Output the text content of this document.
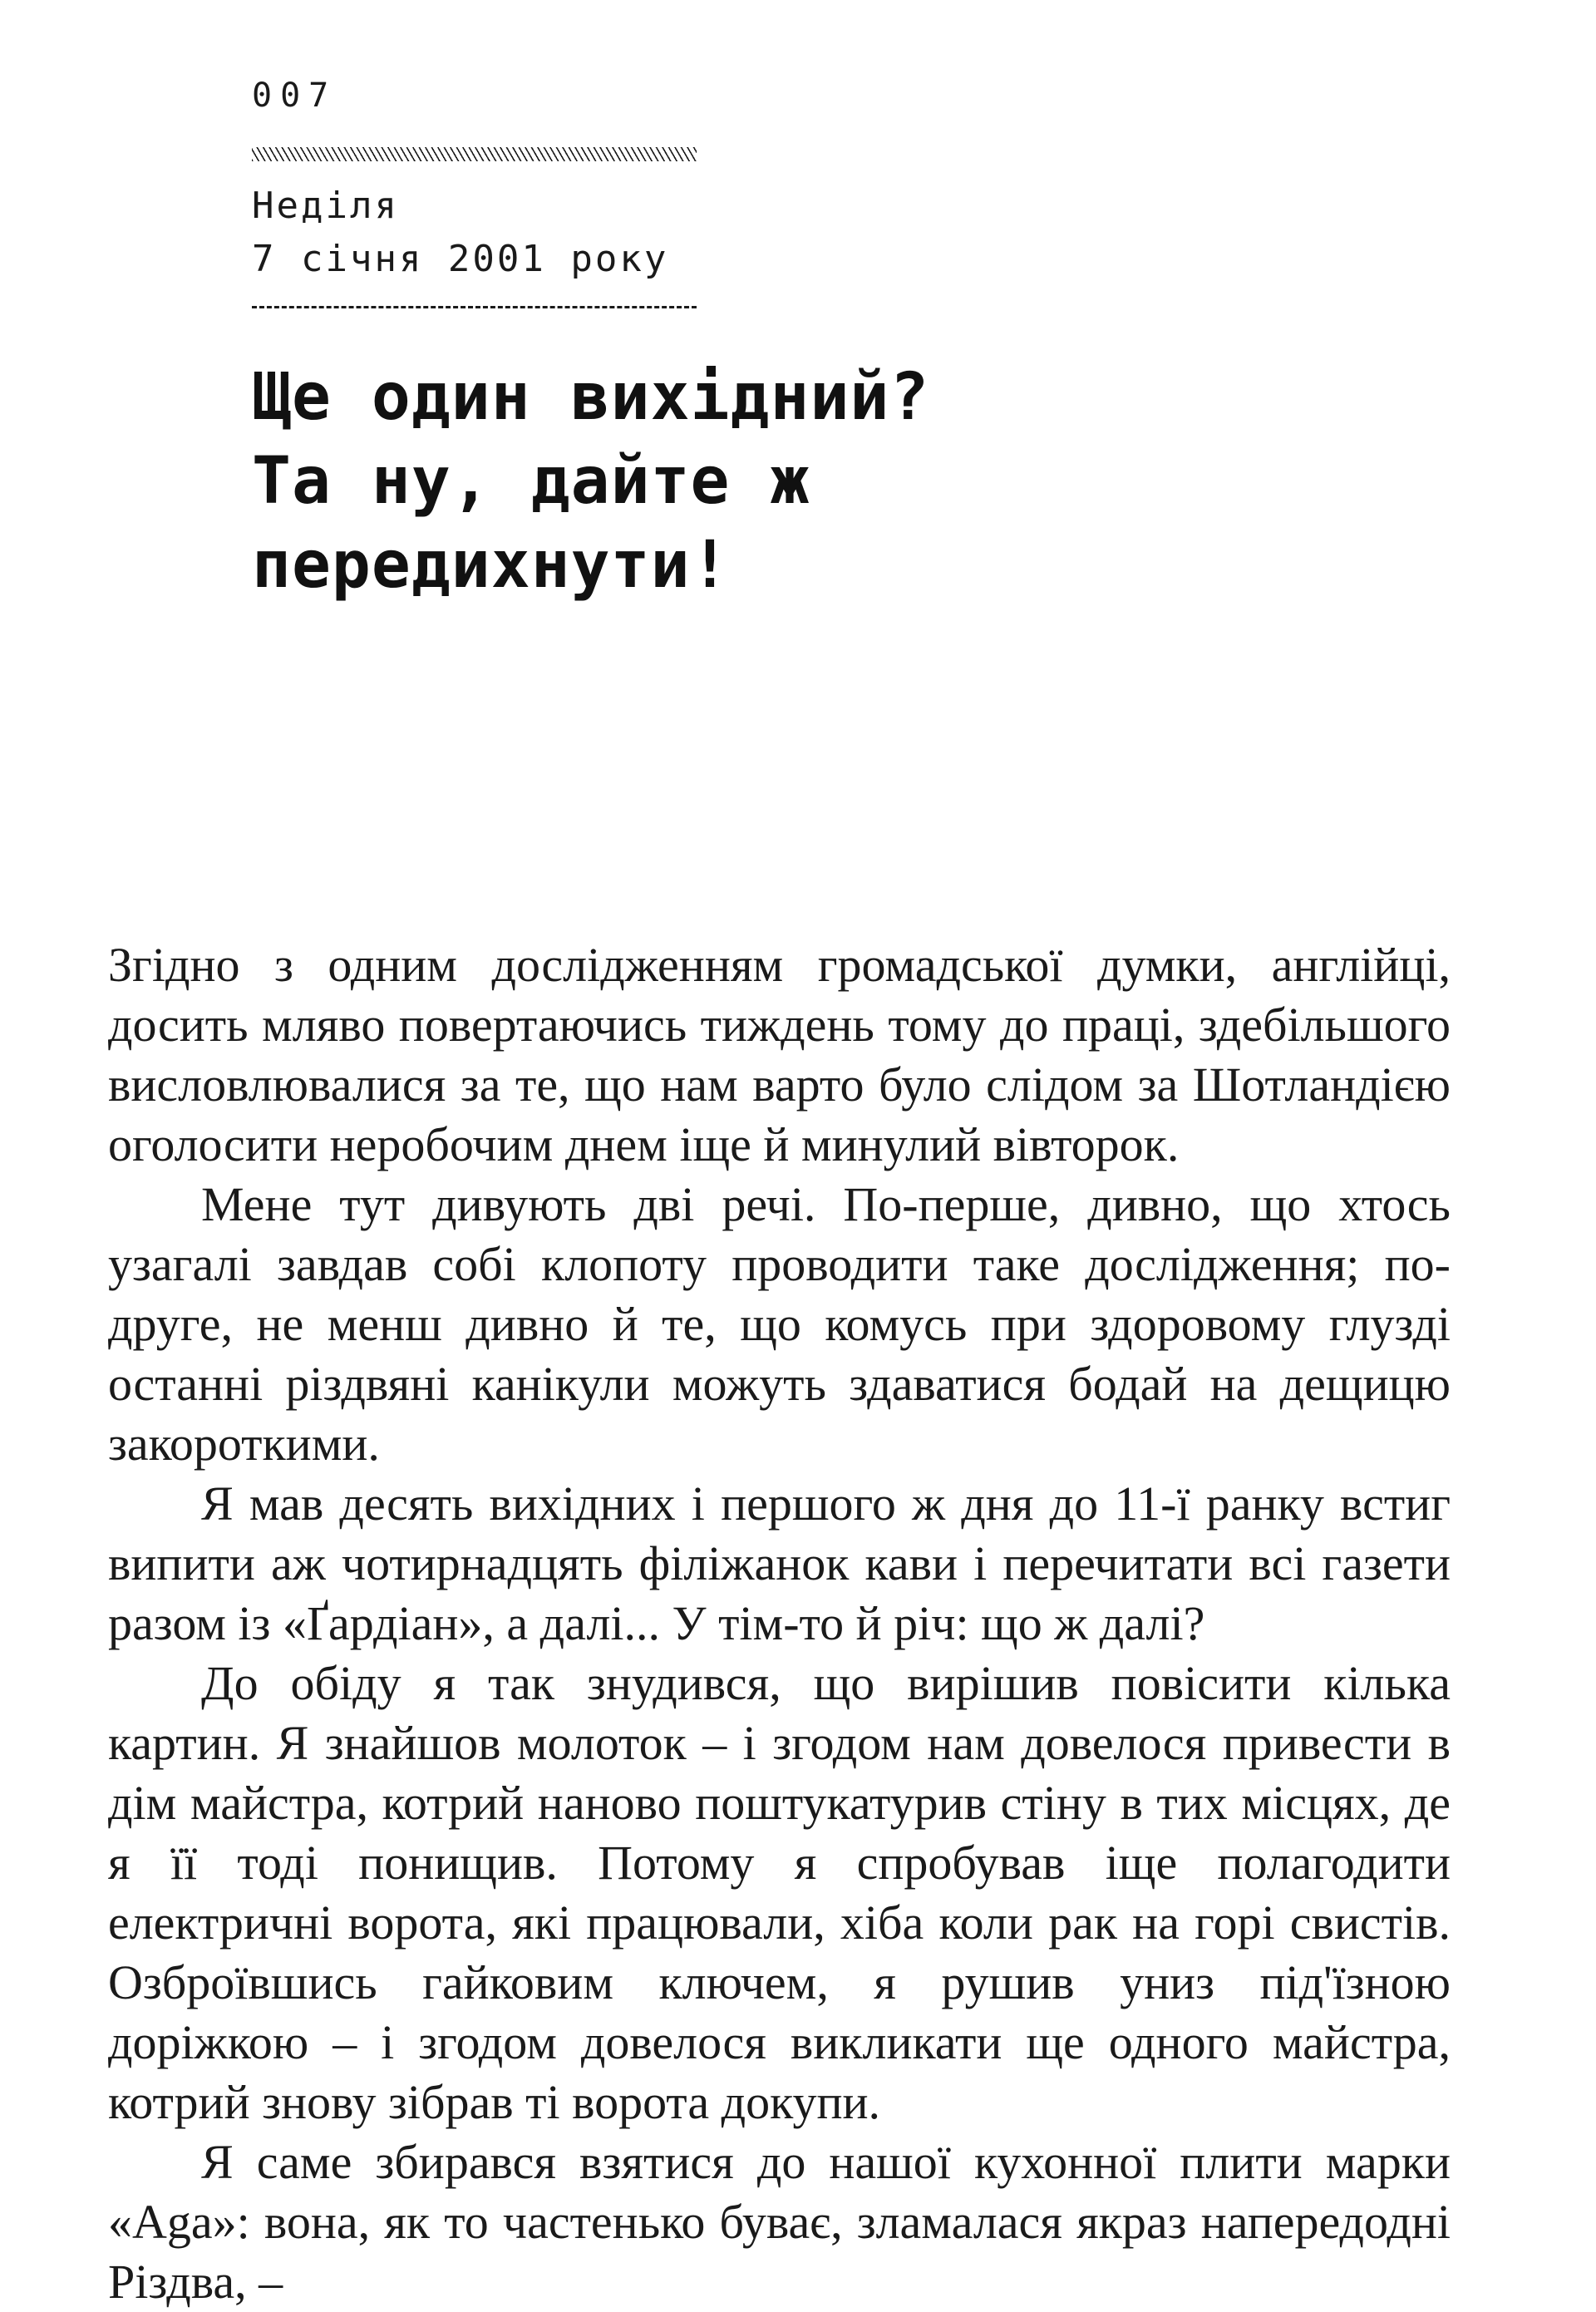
007
Неділя
7 січня 2001 року
Ще один вихідний?
Та ну, дайте ж
передихнути!

Згідно з одним дослідженням громадської думки, англійці, досить мляво повертаючись тиждень тому до праці, здебільшого висловлювалися за те, що нам варто було слідом за Шотландією оголосити неробочим днем іще й минулий вівторок.

Мене тут дивують дві речі. По-перше, дивно, що хтось узагалі завдав собі клопоту проводити таке дослідження; по-друге, не менш дивно й те, що комусь при здоровому глузді останні різдвяні канікули можуть здаватися бодай на дещицю закороткими.

Я мав десять вихідних і першого ж дня до 11-ї ранку встиг випити аж чотирнадцять філіжанок кави і перечитати всі газети разом із «Ґардіан», а далі... У тім-то й річ: що ж далі?

До обіду я так знудився, що вирішив повісити кілька картин. Я знайшов молоток – і згодом нам довелося привести в дім майстра, котрий наново поштукатурив стіну в тих місцях, де я її тоді понищив. Потому я спробував іще полагодити електричні ворота, які працювали, хіба коли рак на горі свистів. Озброївшись гайковим ключем, я рушив униз під'їзною доріжкою – і згодом довелося викликати ще одного майстра, котрий знову зібрав ті ворота докупи.

Я саме збирався взятися до нашої кухонної плити марки «Aga»: вона, як то частенько буває, зламалася якраз напередодні Різдва, –
